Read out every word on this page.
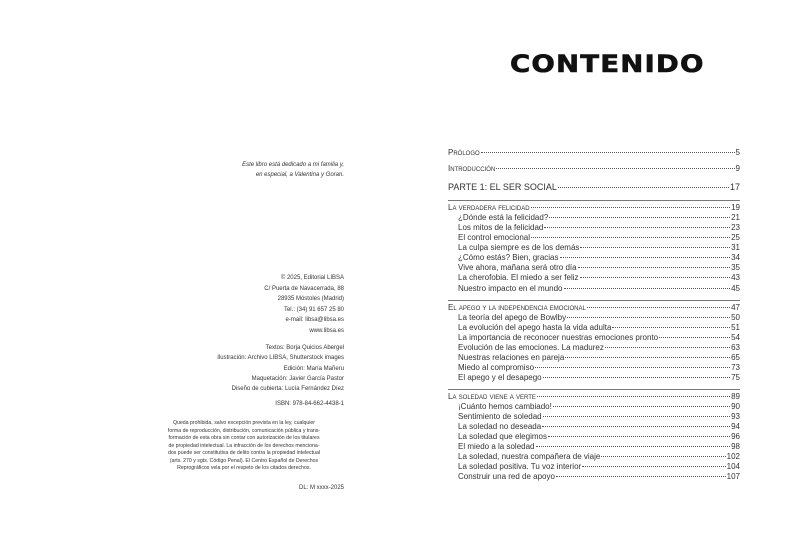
Este libro está dedicado a mi familia y,
en especial, a Valentina y Goran.
© 2025, Editorial LIBSA
C/ Puerta de Navacerrada, 88
28935 Móstoles (Madrid)
Tel.: (34) 91 657 25 80
e-mail: libsa@libsa.es
www.libsa.es
Textos: Borja Quicios Abergel
Ilustración: Archivo LIBSA, Shutterstock images
Edición: María Mañeru
Maquetación: Javier García Pastor
Diseño de cubierta: Lucía Fernández Díez
ISBN: 978-84-662-4438-1
Queda prohibida, salvo excepción prevista en la ley, cualquier
forma de reproducción, distribución, comunicación pública y trans-
formación de esta obra sin contar con autorización de los titulares
de propiedad intelectual. La infracción de los derechos menciona-
dos puede ser constitutiva de delito contra la propiedad intelectual
(arts. 270 y sgts. Código Penal). El Centro Español de Derechos
Reprográficos vela por el respeto de los citados derechos.
DL: M xxxx-2025
CONTENIDO
Prólogo	5
Introducción	9
PARTE 1: EL SER SOCIAL	17
La verdadera felicidad	19
¿Dónde está la felicidad?	21
Los mitos de la felicidad	23
El control emocional	25
La culpa siempre es de los demás	31
¿Cómo estás? Bien, gracias	34
Vive ahora, mañana será otro día	35
La cherofobia. El miedo a ser feliz	43
Nuestro impacto en el mundo	45
El apego y la independencia emocional	47
La teoría del apego de Bowlby	50
La evolución del apego hasta la vida adulta	51
La importancia de reconocer nuestras emociones pronto	54
Evolución de las emociones. La madurez	63
Nuestras relaciones en pareja	65
Miedo al compromiso	73
El apego y el desapego	75
La soledad viene a verte	89
¡Cuánto hemos cambiado!	90
Sentimiento de soledad	93
La soledad no deseada	94
La soledad que elegimos	96
El miedo a la soledad	98
La soledad, nuestra compañera de viaje	102
La soledad positiva. Tu voz interior	104
Construir una red de apoyo	107
